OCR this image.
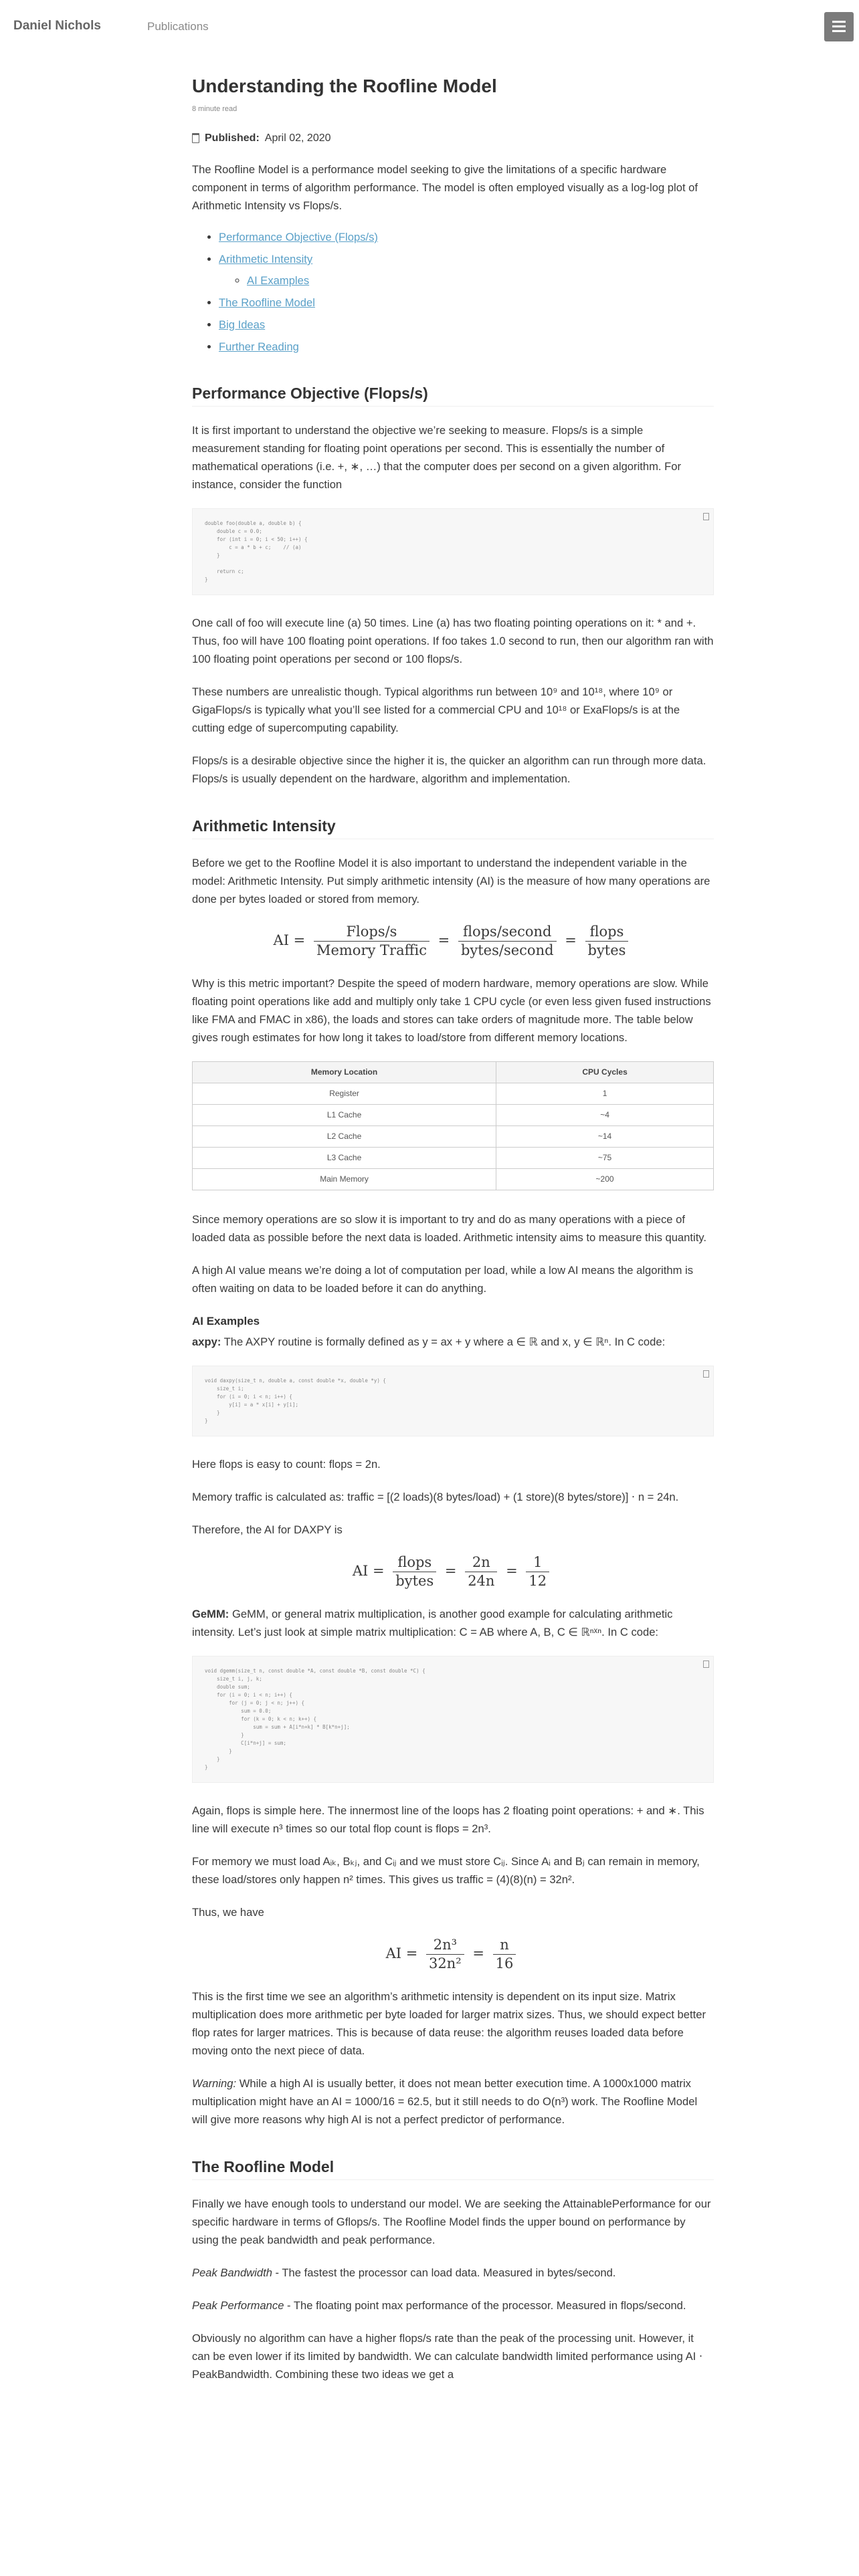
Daniel Nichols	Publications
Understanding the Roofline Model
8 minute read
Published: April 02, 2020

The Roofline Model is a performance model seeking to give the limitations of a specific hardware component in terms of algorithm performance. The model is often employed visually as a log-log plot of Arithmetic Intensity vs Flops/s.

• Performance Objective (Flops/s)
• Arithmetic Intensity
◦ AI Examples
• The Roofline Model
• Big Ideas
• Further Reading
Performance Objective (Flops/s)

It is first important to understand the objective we’re seeking to measure. Flops/s is a simple measurement standing for floating point operations per second. This is essentially the number of mathematical operations (i.e. +, ∗, …) that the computer does per second on a given algorithm. For instance, consider the function

double foo(double a, double b) {
double c = 0.0;
for (int i = 0; i < 50; i++) {
c = a * b + c;    // (a)
}

return c;
}

One call of foo will execute line (a) 50 times. Line (a) has two floating pointing operations on it: * and +. Thus, foo will have 100 floating point operations. If foo takes 1.0 second to run, then our algorithm ran with 100 floating point operations per second or 100 flops/s.

These numbers are unrealistic though. Typical algorithms run between 10⁹ and 10¹⁸, where 10⁹ or GigaFlops/s is typically what you’ll see listed for a commercial CPU and 10¹⁸ or ExaFlops/s is at the cutting edge of supercomputing capability.

Flops/s is a desirable objective since the higher it is, the quicker an algorithm can run through more data. Flops/s is usually dependent on the hardware, algorithm and implementation.

Arithmetic Intensity

Before we get to the Roofline Model it is also important to understand the independent variable in the model: Arithmetic Intensity. Put simply arithmetic intensity (AI) is the measure of how many operations are done per bytes loaded or stored from memory.

AI = $\frac{\text{Flops/s}}{\text{Memory Traffic}} = \frac{\text{flops/second}}{\text{bytes/second}} = \frac{\text{flops}}{\text{bytes}}$

Why is this metric important? Despite the speed of modern hardware, memory operations are slow. While floating point operations like add and multiply only take 1 CPU cycle (or even less given fused instructions like FMA and FMAC in x86), the loads and stores can take orders of magnitude more. The table below gives rough estimates for how long it takes to load/store from different memory locations.

Memory Location	CPU Cycles
Register	1
L1 Cache	~4
L2 Cache	~14
L3 Cache	~75
Main Memory	~200

Since memory operations are so slow it is important to try and do as many operations with a piece of loaded data as possible before the next data is loaded. Arithmetic intensity aims to measure this quantity.

A high AI value means we’re doing a lot of computation per load, while a low AI means the algorithm is often waiting on data to be loaded before it can do anything.

AI Examples

axpy: The AXPY routine is formally defined as y = ax + y where a ∈ ℝ and x, y ∈ ℝⁿ. In C code:

void daxpy(size_t n, double a, const double *x, double *y) {
size_t i;
for (i = 0; i < n; i++) {
y[i] = a * x[i] + y[i];
}
}

Here flops is easy to count: flops = 2n.

Memory traffic is calculated as: traffic = [(2 loads)(8 bytes/load) + (1 store)(8 bytes/store)] ⋅ n = 24n.

Therefore, the AI for DAXPY is

AI = $\frac{\text{flops}}{\text{bytes}} = \frac{2n}{24n} = \frac{1}{12}$

GeMM: GeMM, or general matrix multiplication, is another good example for calculating arithmetic intensity. Let’s just look at simple matrix multiplication: C = AB where A, B, C ∈ ℝⁿˣⁿ. In C code:

void dgemm(size_t n, const double *A, const double *B, const double *C) {
size_t i, j, k;
double sum;
for (i = 0; i < n; i++) {
for (j = 0; j < n; j++) {
sum = 0.0;
for (k = 0; k < n; k++) {
sum = sum + A[i*n+k] * B[k*n+j];
}
C[i*n+j] = sum;
}
}
}

Again, flops is simple here. The innermost line of the loops has 2 floating point operations: + and ∗. This line will execute n³ times so our total flop count is flops = 2n³.

For memory we must load Aᵢₖ, Bₖⱼ, and Cᵢⱼ and we must store Cᵢⱼ. Since Aᵢ and Bⱼ can remain in memory, these load/stores only happen n² times. This gives us traffic = (4)(8)(n) = 32n².

Thus, we have

AI = $\frac{\text{2n³}}{\text{32n²}} = \frac{n}{16}$

This is the first time we see an algorithm’s arithmetic intensity is dependent on its input size. Matrix multiplication does more arithmetic per byte loaded for larger matrix sizes. Thus, we should expect better flop rates for larger matrices. This is because of data reuse: the algorithm reuses loaded data before moving onto the next piece of data.

Warning: While a high AI is usually better, it does not mean better execution time. A 1000x1000 matrix multiplication might have an AI = 1000/16 = 62.5, but it still needs to do O(n³) work. The Roofline Model will give more reasons why high AI is not a perfect predictor of performance.

The Roofline Model

Finally we have enough tools to understand our model. We are seeking the AttainablePerformance for our specific hardware in terms of Gflops/s. The Roofline Model finds the upper bound on performance by using the peak bandwidth and peak performance.

Peak Bandwidth - The fastest the processor can load data. Measured in bytes/second.

Peak Performance - The floating point max performance of the processor. Measured in flops/second.

Obviously no algorithm can have a higher flops/s rate than the peak of the processing unit. However, it can be even lower if its limited by bandwidth. We can calculate bandwidth limited performance using AI ⋅ PeakBandwidth. Combining these two ideas we get a
